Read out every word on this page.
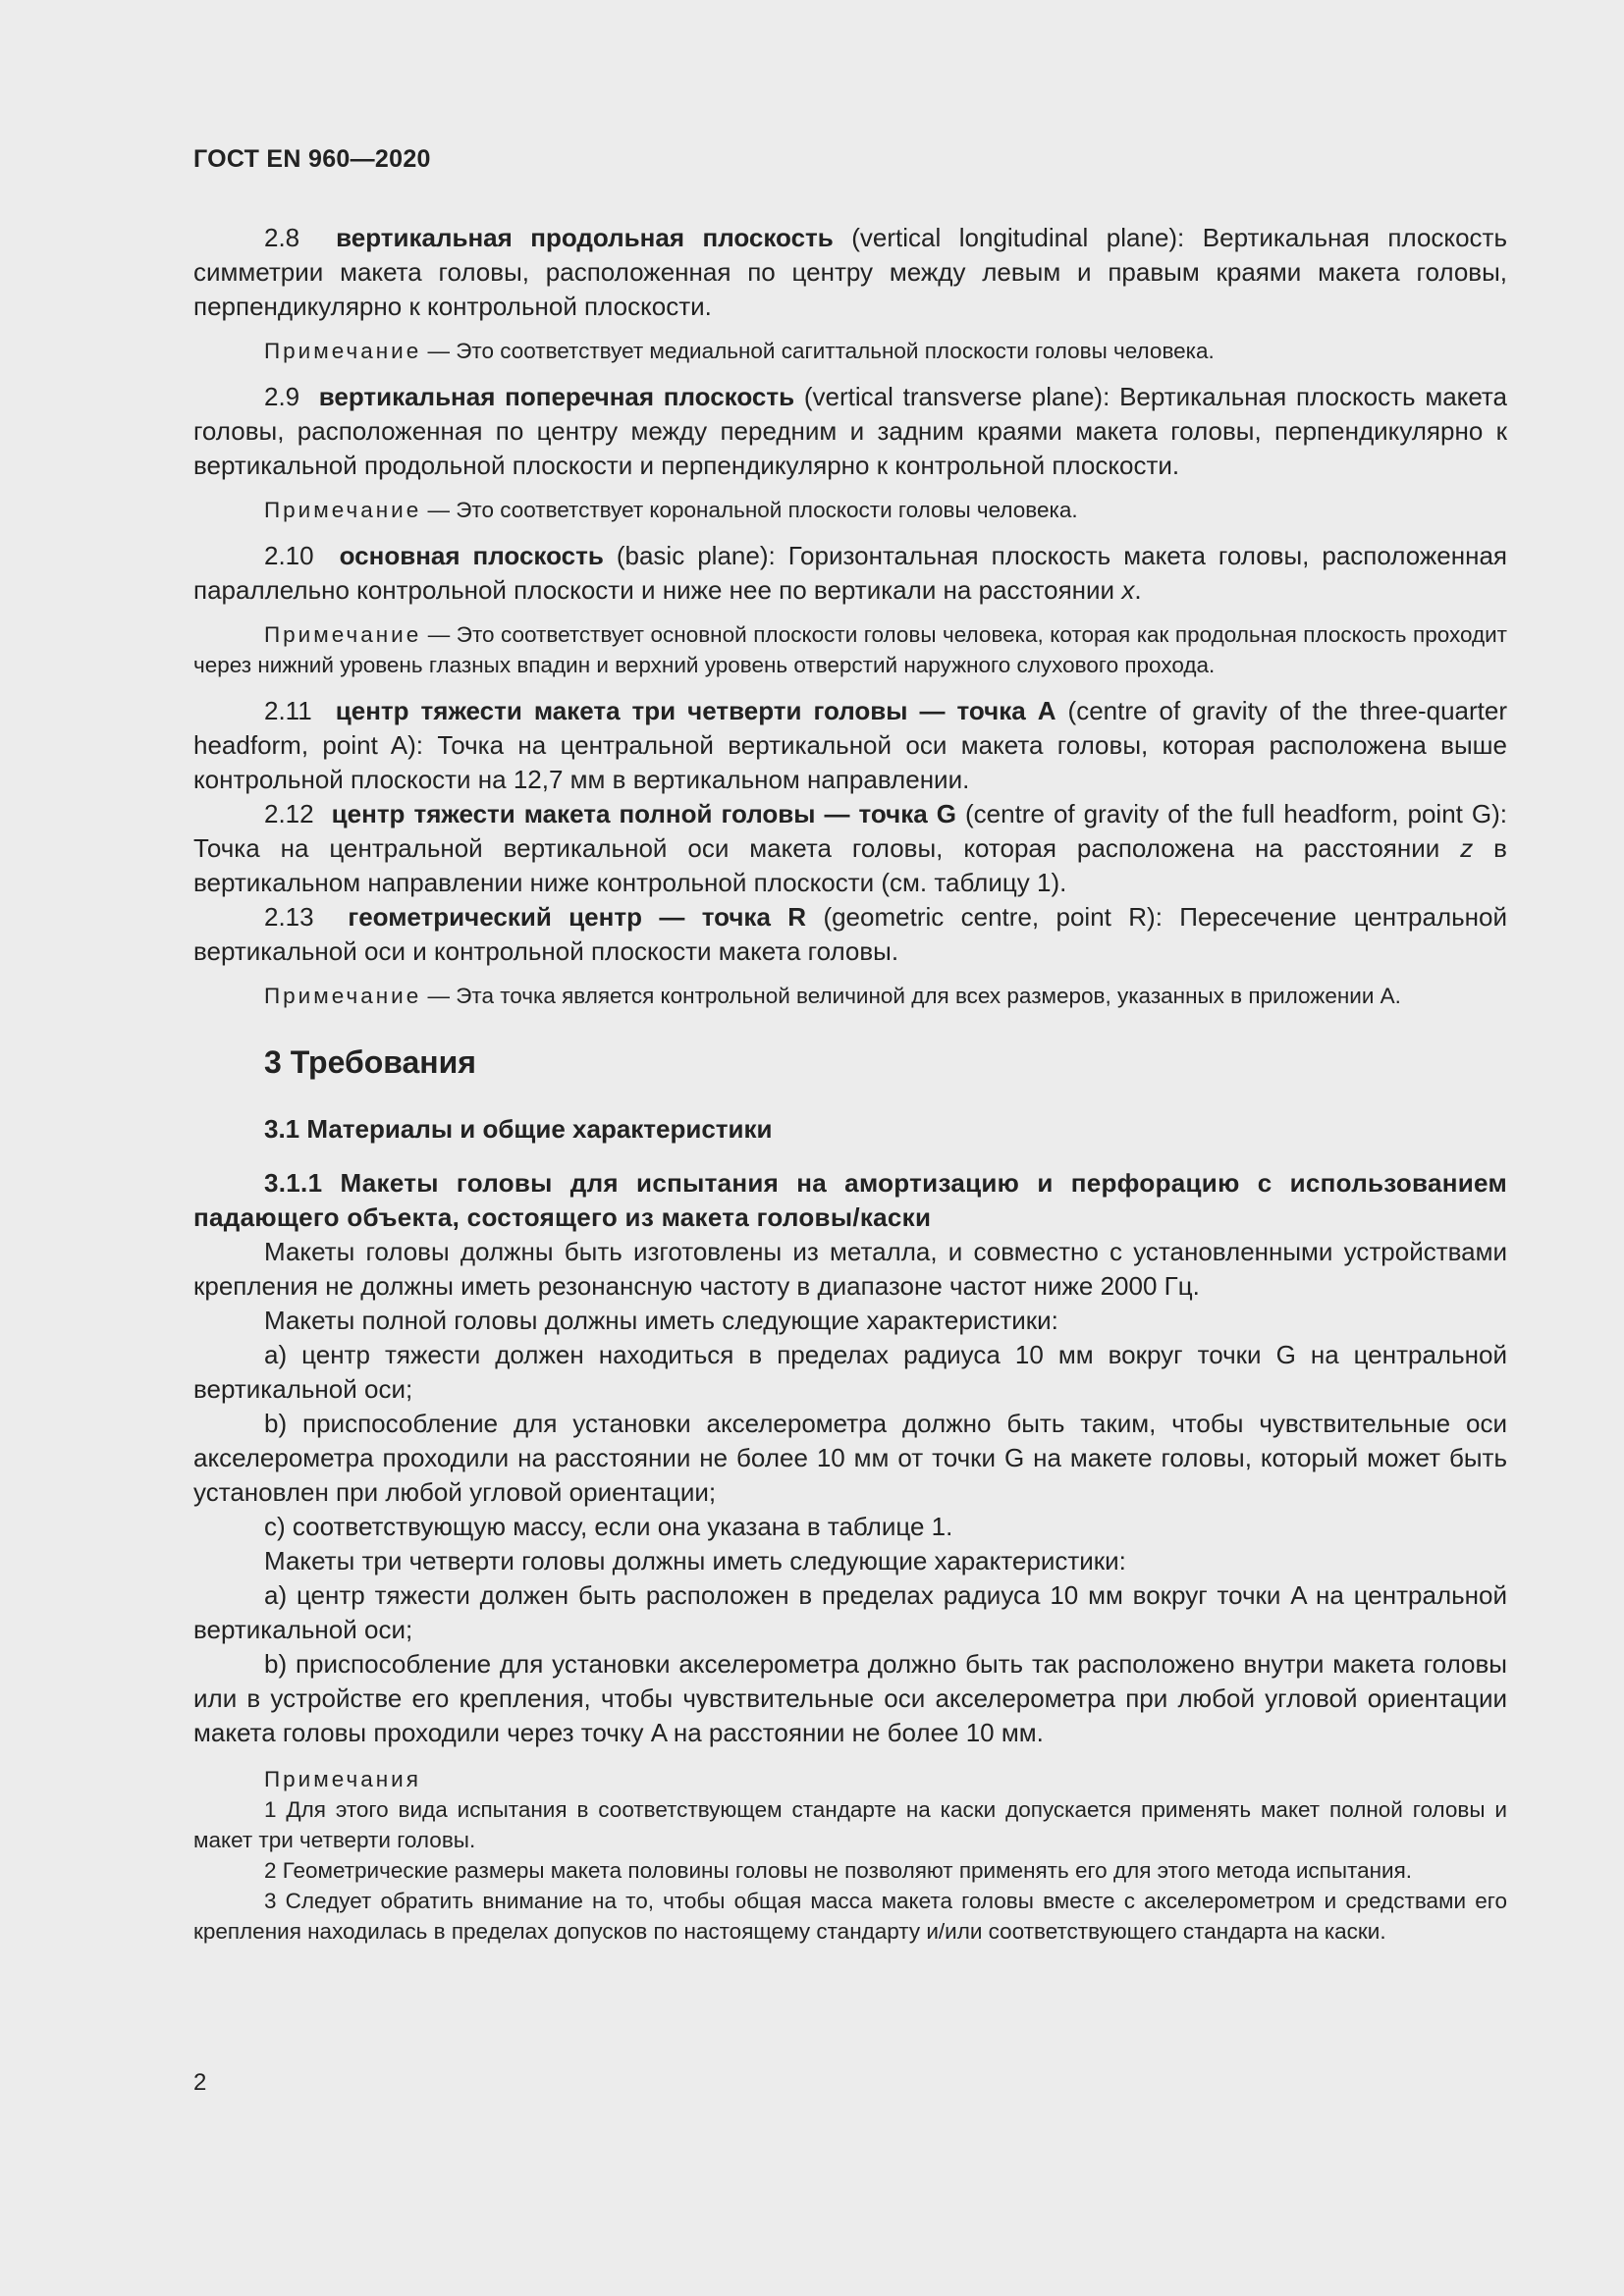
ГОСТ EN 960—2020

2.8 вертикальная продольная плоскость (vertical longitudinal plane): Вертикальная плоскость симметрии макета головы, расположенная по центру между левым и правым краями макета головы, перпендикулярно к контрольной плоскости.

Примечание — Это соответствует медиальной сагиттальной плоскости головы человека.

2.9 вертикальная поперечная плоскость (vertical transverse plane): Вертикальная плоскость макета головы, расположенная по центру между передним и задним краями макета головы, перпендикулярно к вертикальной продольной плоскости и перпендикулярно к контрольной плоскости.

Примечание — Это соответствует корональной плоскости головы человека.

2.10 основная плоскость (basic plane): Горизонтальная плоскость макета головы, расположенная параллельно контрольной плоскости и ниже нее по вертикали на расстоянии x.

Примечание — Это соответствует основной плоскости головы человека, которая как продольная плоскость проходит через нижний уровень глазных впадин и верхний уровень отверстий наружного слухового прохода.

2.11 центр тяжести макета три четверти головы — точка A (centre of gravity of the three-quarter headform, point A): Точка на центральной вертикальной оси макета головы, которая расположена выше контрольной плоскости на 12,7 мм в вертикальном направлении.

2.12 центр тяжести макета полной головы — точка G (centre of gravity of the full headform, point G): Точка на центральной вертикальной оси макета головы, которая расположена на расстоянии z в вертикальном направлении ниже контрольной плоскости (см. таблицу 1).

2.13 геометрический центр — точка R (geometric centre, point R): Пересечение центральной вертикальной оси и контрольной плоскости макета головы.

Примечание — Эта точка является контрольной величиной для всех размеров, указанных в приложении А.
3 Требования
3.1 Материалы и общие характеристики
3.1.1 Макеты головы для испытания на амортизацию и перфорацию с использованием падающего объекта, состоящего из макета головы/каски

Макеты головы должны быть изготовлены из металла, и совместно с установленными устройствами крепления не должны иметь резонансную частоту в диапазоне частот ниже 2000 Гц.

Макеты полной головы должны иметь следующие характеристики:

a) центр тяжести должен находиться в пределах радиуса 10 мм вокруг точки G на центральной вертикальной оси;

b) приспособление для установки акселерометра должно быть таким, чтобы чувствительные оси акселерометра проходили на расстоянии не более 10 мм от точки G на макете головы, который может быть установлен при любой угловой ориентации;

c) соответствующую массу, если она указана в таблице 1.

Макеты три четверти головы должны иметь следующие характеристики:

a) центр тяжести должен быть расположен в пределах радиуса 10 мм вокруг точки A на центральной вертикальной оси;

b) приспособление для установки акселерометра должно быть так расположено внутри макета головы или в устройстве его крепления, чтобы чувствительные оси акселерометра при любой угловой ориентации макета головы проходили через точку A на расстоянии не более 10 мм.

Примечания
1 Для этого вида испытания в соответствующем стандарте на каски допускается применять макет полной головы и макет три четверти головы.
2 Геометрические размеры макета половины головы не позволяют применять его для этого метода испытания.
3 Следует обратить внимание на то, чтобы общая масса макета головы вместе с акселерометром и средствами его крепления находилась в пределах допусков по настоящему стандарту и/или соответствующего стандарта на каски.
2
